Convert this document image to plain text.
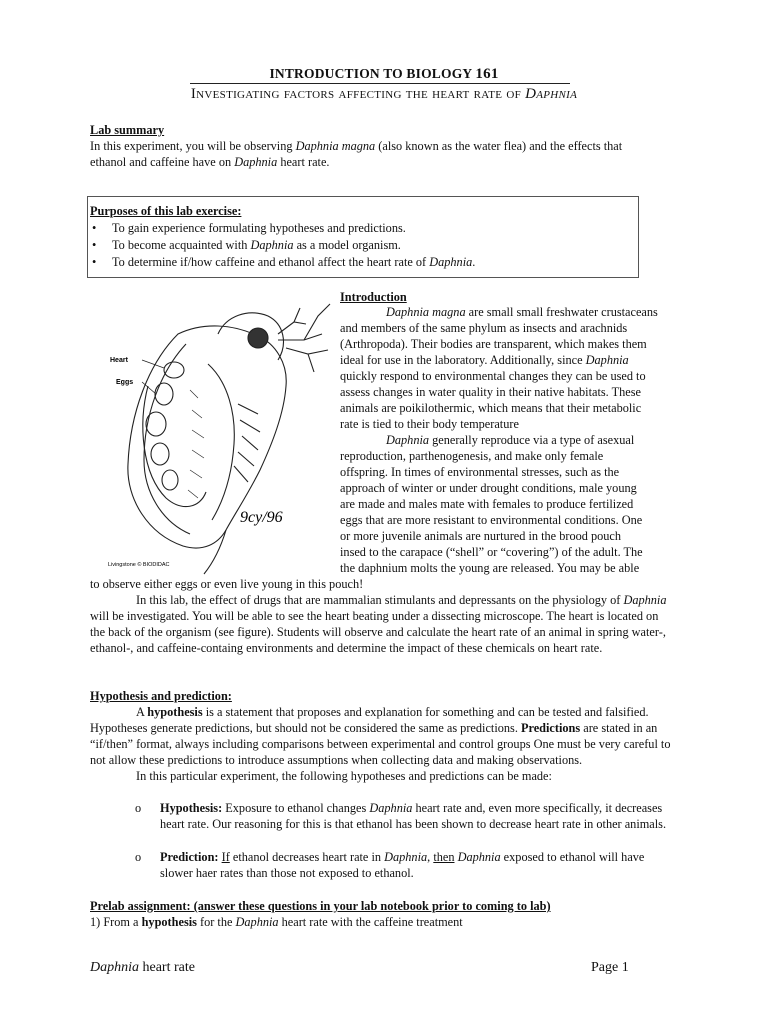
INTRODUCTION TO BIOLOGY 161
Investigating factors affecting the heart rate of Daphnia
Lab summary
In this experiment, you will be observing Daphnia magna (also known as the water flea) and the effects that
ethanol and caffeine have on Daphnia heart rate.
Purposes of this lab exercise:
• To gain experience formulating hypotheses and predictions.
• To become acquainted with Daphnia as a model organism.
• To determine if/how caffeine and ethanol affect the heart rate of Daphnia.
Heart
Eggs
9cy/96
Livingstone © BIODIDAC
Introduction
Daphnia magna are small small freshwater crustaceans
and members of the same phylum as insects and arachnids
(Arthropoda). Their bodies are transparent, which makes them
ideal for use in the laboratory. Additionally, since Daphnia
quickly respond to environmental changes they can be used to
assess changes in water quality in their native habitats. These
animals are poikilothermic, which means that their metabolic
rate is tied to their body temperature
Daphnia generally reproduce via a type of asexual
reproduction, parthenogenesis, and make only female
offspring. In times of environmental stresses, such as the
approach of winter or under drought conditions, male young
are made and males mate with females to produce fertilized
eggs that are more resistant to environmental conditions. One
or more juvenile animals are nurtured in the brood pouch
insed to the carapace (“shell” or “covering”) of the adult. The
the daphnium molts the young are released. You may be able
to observe either eggs or even live young in this pouch!
In this lab, the effect of drugs that are mammalian stimulants and depressants on the physiology of Daphnia will be investigated. You will be able to see the heart beating under a dissecting microscope. The heart is located on the back of the organism (see figure). Students will observe and calculate the heart rate of an animal in spring water-, ethanol-, and caffeine-containg environments and determine the impact of these chemicals on heart rate.
Hypothesis and prediction:
A hypothesis is a statement that proposes and explanation for something and can be tested and falsified. Hypotheses generate predictions, but should not be considered the same as predictions. Predictions are stated in an “if/then” format, always including comparisons between experimental and control groups One must be very careful to not allow these predictions to introduce assumptions when collecting data and making observations.
In this particular experiment, the following hypotheses and predictions can be made:
o Hypothesis: Exposure to ethanol changes Daphnia heart rate and, even more specifically, it decreases heart rate. Our reasoning for this is that ethanol has been shown to decrease heart rate in other animals.
o Prediction: If ethanol decreases heart rate in Daphnia, then Daphnia exposed to ethanol will have slower haer rates than those not exposed to ethanol.
Prelab assignment: (answer these questions in your lab notebook prior to coming to lab)
1) From a hypothesis for the Daphnia heart rate with the caffeine treatment
Daphnia heart rate	Page 1
